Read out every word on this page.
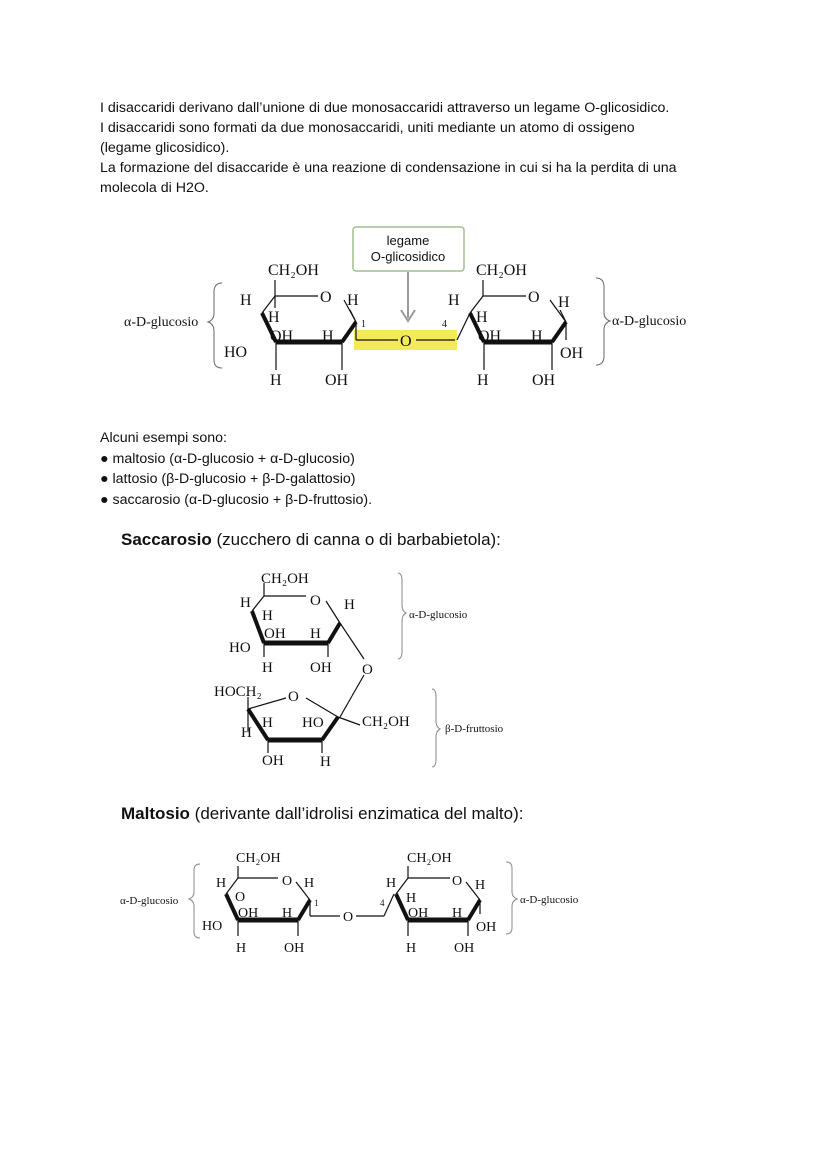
I disaccaridi derivano dall’unione di due monosaccaridi attraverso un legame O-glicosidico.

I disaccaridi sono formati da due monosaccaridi, uniti mediante un atomo di ossigeno

(legame glicosidico).

La formazione del disaccaride è una reazione di condensazione in cui si ha la perdita di una

molecola di H2O.

legame
O-glicosidico
α-D-glucosio
CH₂OH
O H
H
H
OH H
HO
H	OH
1
O
4
CH₂OH
O H
H
H
OH H
OH
H	OH
α-D-glucosio
Alcuni esempi sono:
● maltosio (α-D-glucosio + α-D-glucosio)
● lattosio (β-D-glucosio + β-D-galattosio)
● saccarosio (α-D-glucosio + β-D-fruttosio).
Saccarosio (zucchero di canna o di barbabietola):
CH₂OH
O H
H
H
OH H
HO
H OH O
α-D-glucosio
HOCH₂ O
H
H
HO	CH₂OH
OH H
β-D-fruttosio
Maltosio (derivante dall’idrolisi enzimatica del malto):
α-D-glucosio
CH₂OH
O H
H
O
OH H
HO
H	OH
1
O
4
CH₂OH
O H
H
H
OH H
OH
H	OH
α-D-glucosio
